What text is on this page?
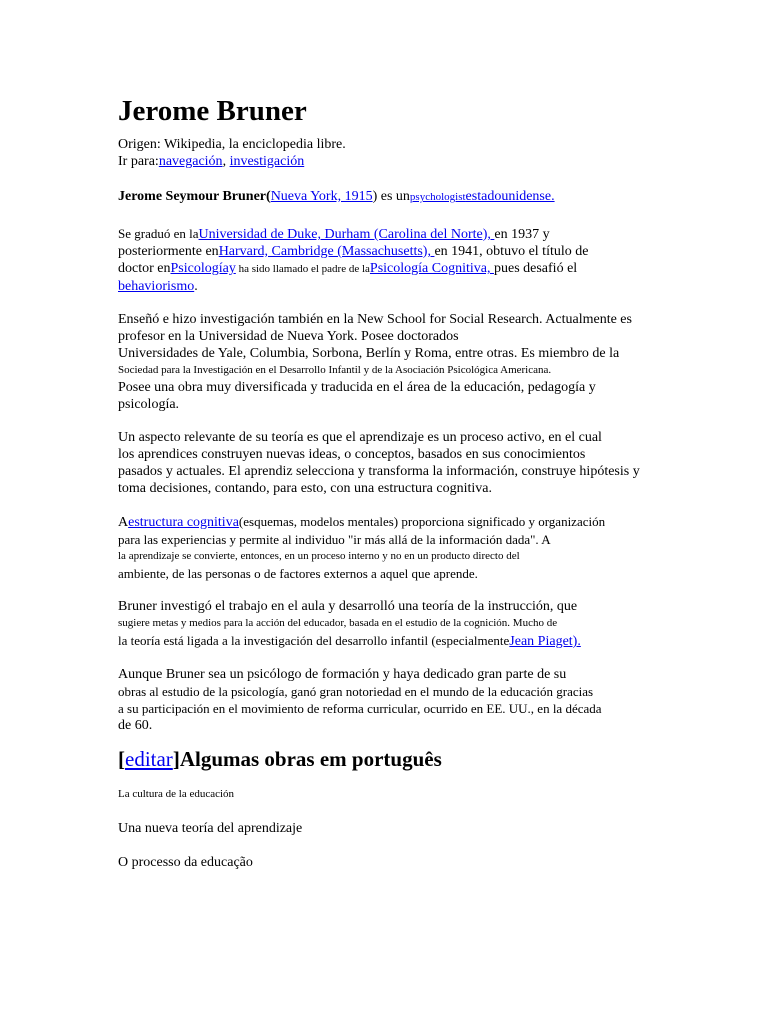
Jerome Bruner
Origen: Wikipedia, la enciclopedia libre.
Ir para:navegación, investigación
Jerome Seymour Bruner(Nueva York, 1915) es unpsychologistestadounidense.
Se graduó en laUniversidad de Duke, Durham (Carolina del Norte), en 1937 y
posteriormente enHarvard, Cambridge (Massachusetts), en 1941, obtuvo el título de
doctor enPsicologíay ha sido llamado el padre de laPsicología Cognitiva, pues desafió el
behaviorismo.
Enseñó e hizo investigación también en la New School for Social Research. Actualmente es
profesor en la Universidad de Nueva York. Posee doctorados
Universidades de Yale, Columbia, Sorbona, Berlín y Roma, entre otras. Es miembro de la
Sociedad para la Investigación en el Desarrollo Infantil y de la Asociación Psicológica Americana.
Posee una obra muy diversificada y traducida en el área de la educación, pedagogía y
psicología.
Un aspecto relevante de su teoría es que el aprendizaje es un proceso activo, en el cual
los aprendices construyen nuevas ideas, o conceptos, basados en sus conocimientos
pasados y actuales. El aprendiz selecciona y transforma la información, construye hipótesis y
toma decisiones, contando, para esto, con una estructura cognitiva.
Aestructura cognitiva(esquemas, modelos mentales) proporciona significado y organización
para las experiencias y permite al individuo "ir más allá de la información dada". A
la aprendizaje se convierte, entonces, en un proceso interno y no en un producto directo del
ambiente, de las personas o de factores externos a aquel que aprende.
Bruner investigó el trabajo en el aula y desarrolló una teoría de la instrucción, que
sugiere metas y medios para la acción del educador, basada en el estudio de la cognición. Mucho de
la teoría está ligada a la investigación del desarrollo infantil (especialmenteJean Piaget).
Aunque Bruner sea un psicólogo de formación y haya dedicado gran parte de su
obras al estudio de la psicología, ganó gran notoriedad en el mundo de la educación gracias
a su participación en el movimiento de reforma curricular, ocurrido en EE. UU., en la década
de 60.
[editar]Algumas obras em português
La cultura de la educación
Una nueva teoría del aprendizaje
O processo da educação
